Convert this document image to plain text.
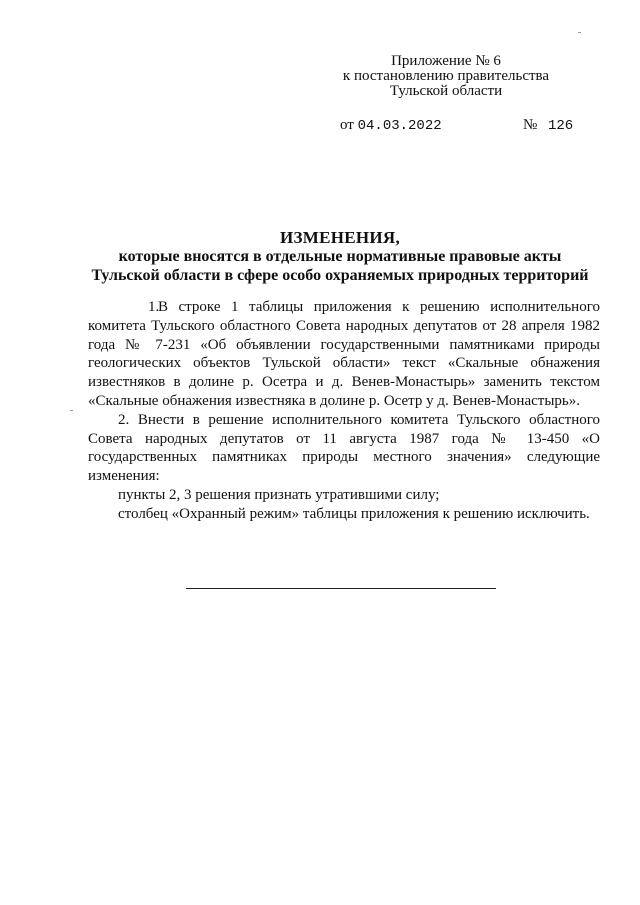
Приложение № 6
к постановлению правительства
Тульской области
от 04.03.2022	№ 126
ИЗМЕНЕНИЯ,
которые вносятся в отдельные нормативные правовые акты
Тульской области в сфере особо охраняемых природных территорий

1.В строке 1 таблицы приложения к решению исполнительного комитета Тульского областного Совета народных депутатов от 28 апреля 1982 года № 7-231 «Об объявлении государственными памятниками природы геологических объектов Тульской области» текст «Скальные обнажения известняков в долине р. Осетра и д. Венев-Монастырь» заменить текстом «Скальные обнажения известняка в долине р. Осетр у д. Венев-Монастырь».

2. Внести в решение исполнительного комитета Тульского областного Совета народных депутатов от 11 августа 1987 года № 13-450 «О государственных памятниках природы местного значения» следующие изменения:

пункты 2, 3 решения признать утратившими силу;

столбец «Охранный режим» таблицы приложения к решению исключить.
